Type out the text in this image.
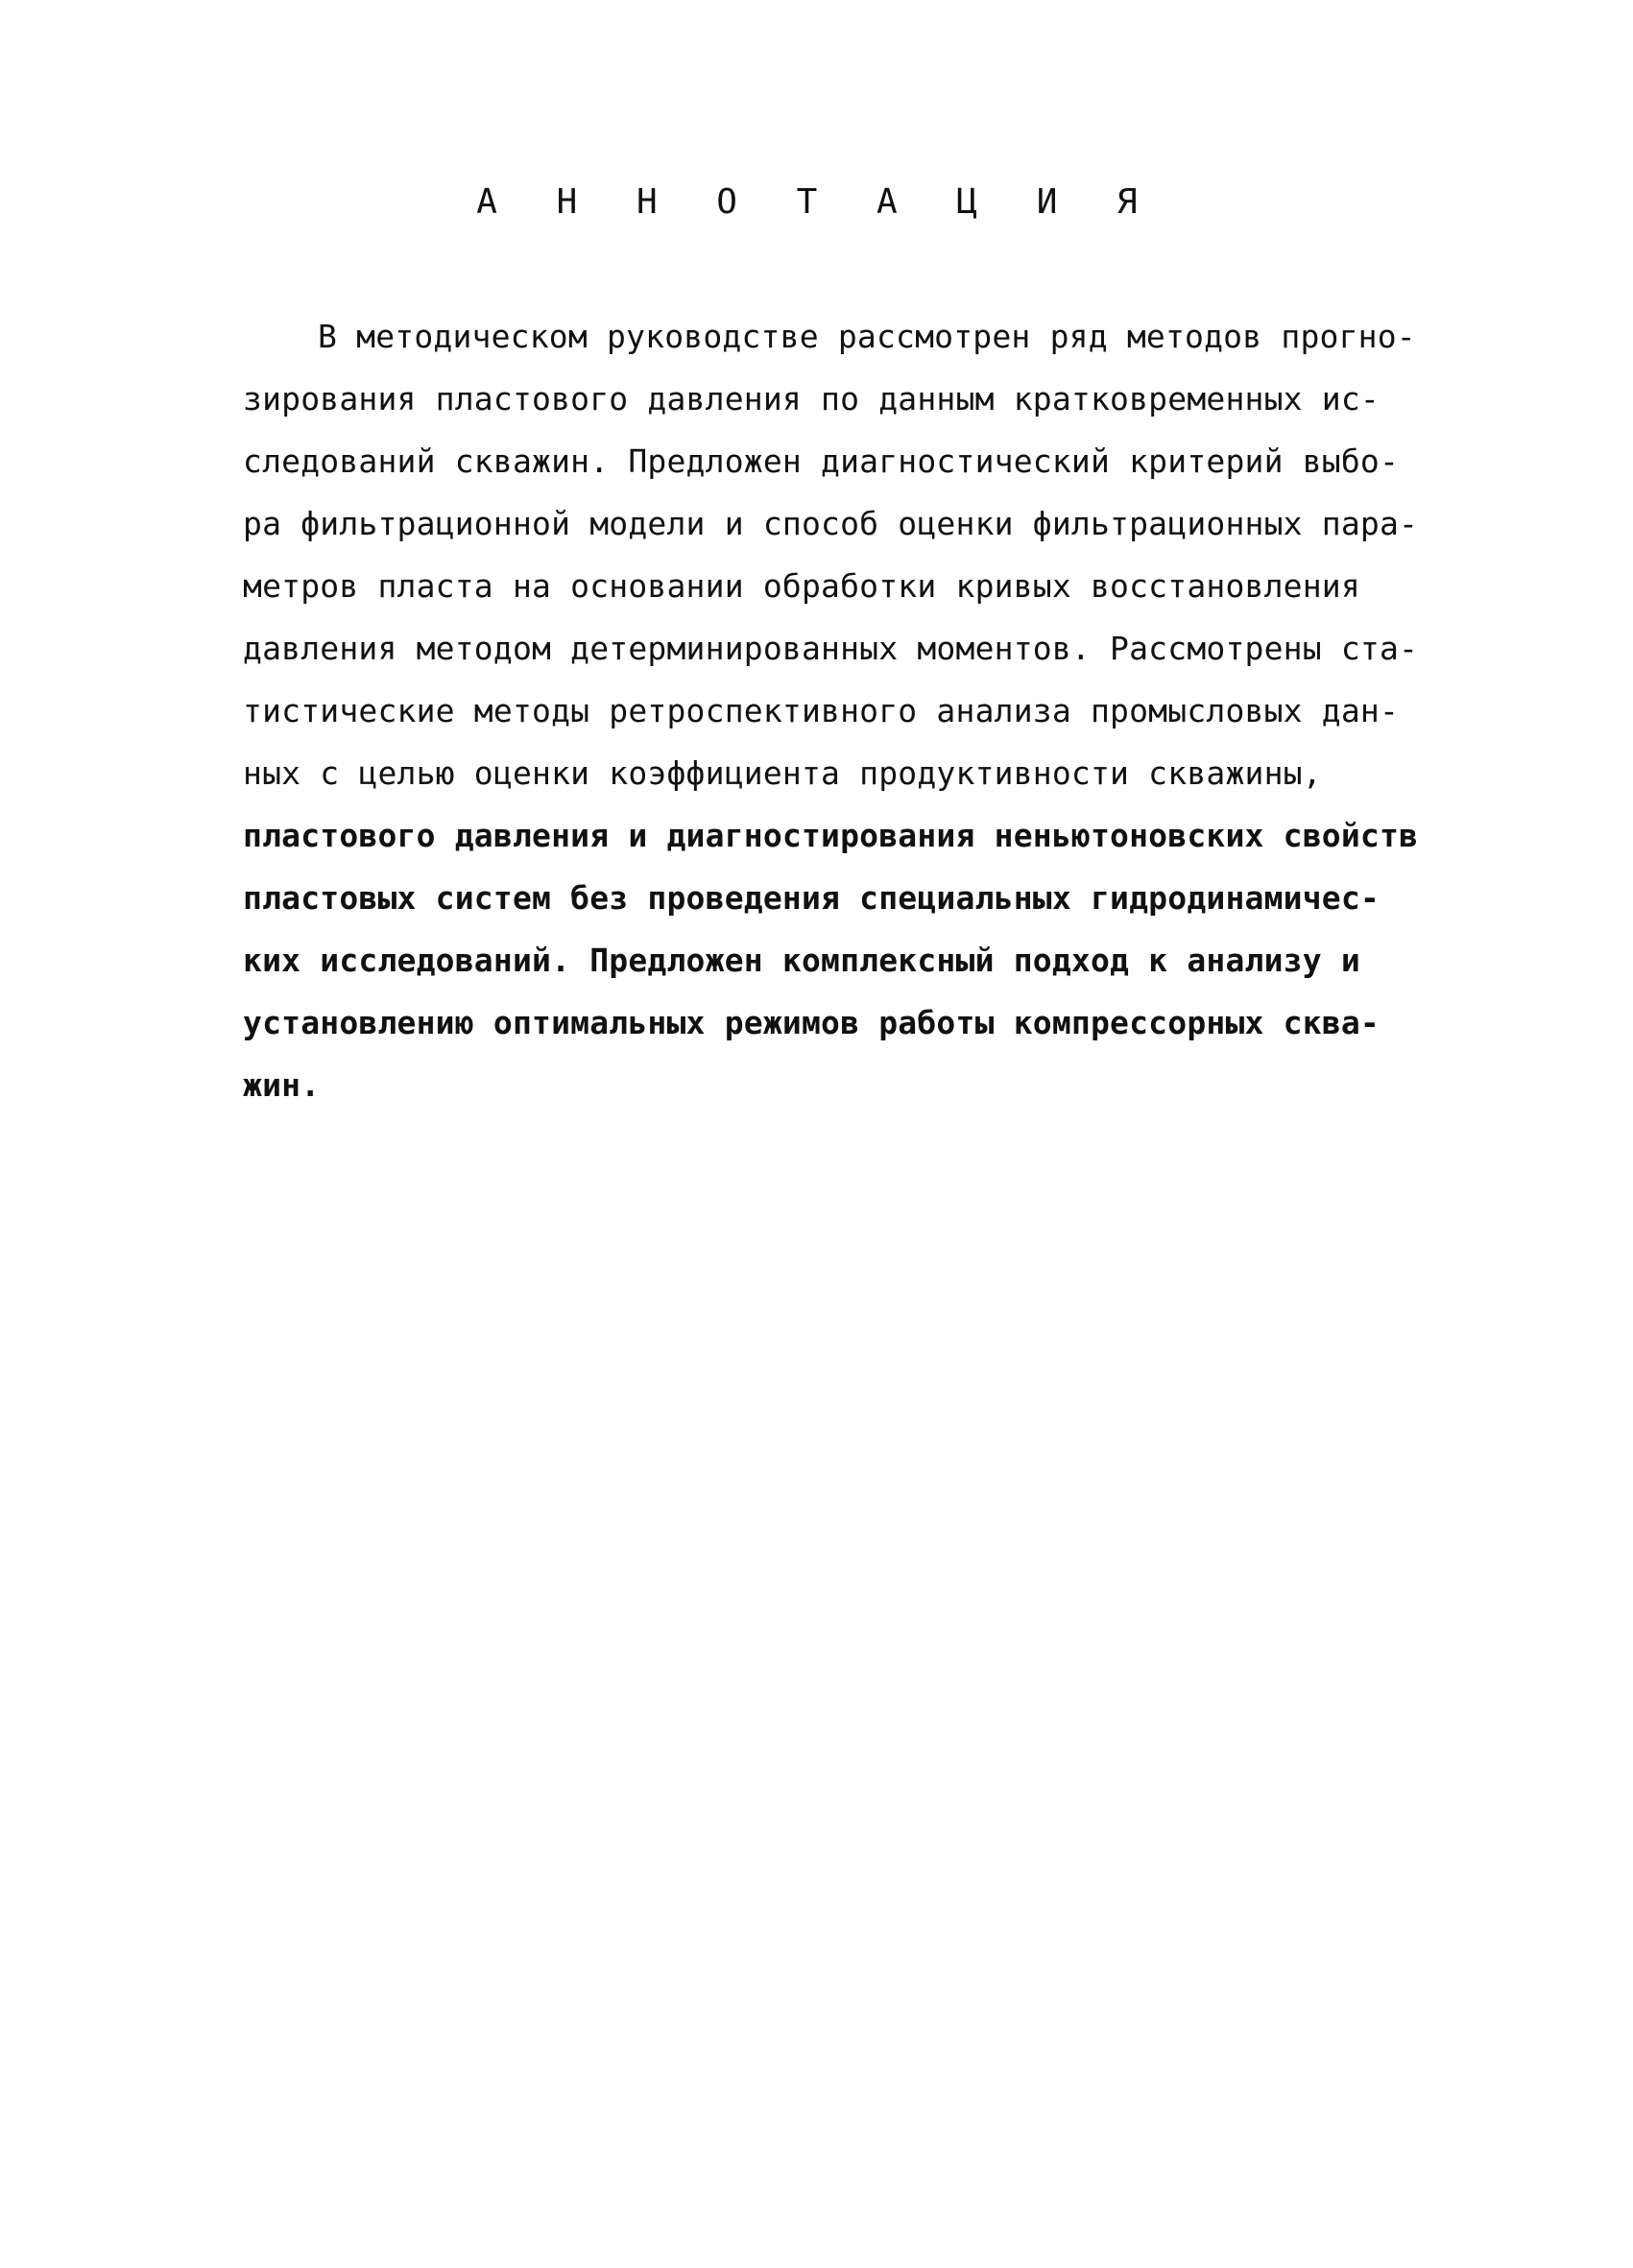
А Н Н О Т А Ц И Я
В методическом руководстве рассмотрен ряд методов прогно-
зирования пластового давления по данным кратковременных ис-
следований скважин. Предложен диагностический критерий выбо-
ра фильтрационной модели и способ оценки фильтрационных пара-
метров пласта на основании обработки кривых восстановления
давления методом детерминированных моментов. Рассмотрены ста-
тистические методы ретроспективного анализа промысловых дан-
ных с целью оценки коэффициента продуктивности скважины,
пластового давления и диагностирования неньютоновских свойств
пластовых систем без проведения специальных гидродинамичес-
ких исследований. Предложен комплексный подход к анализу и
установлению оптимальных режимов работы компрессорных сква-
жин.
